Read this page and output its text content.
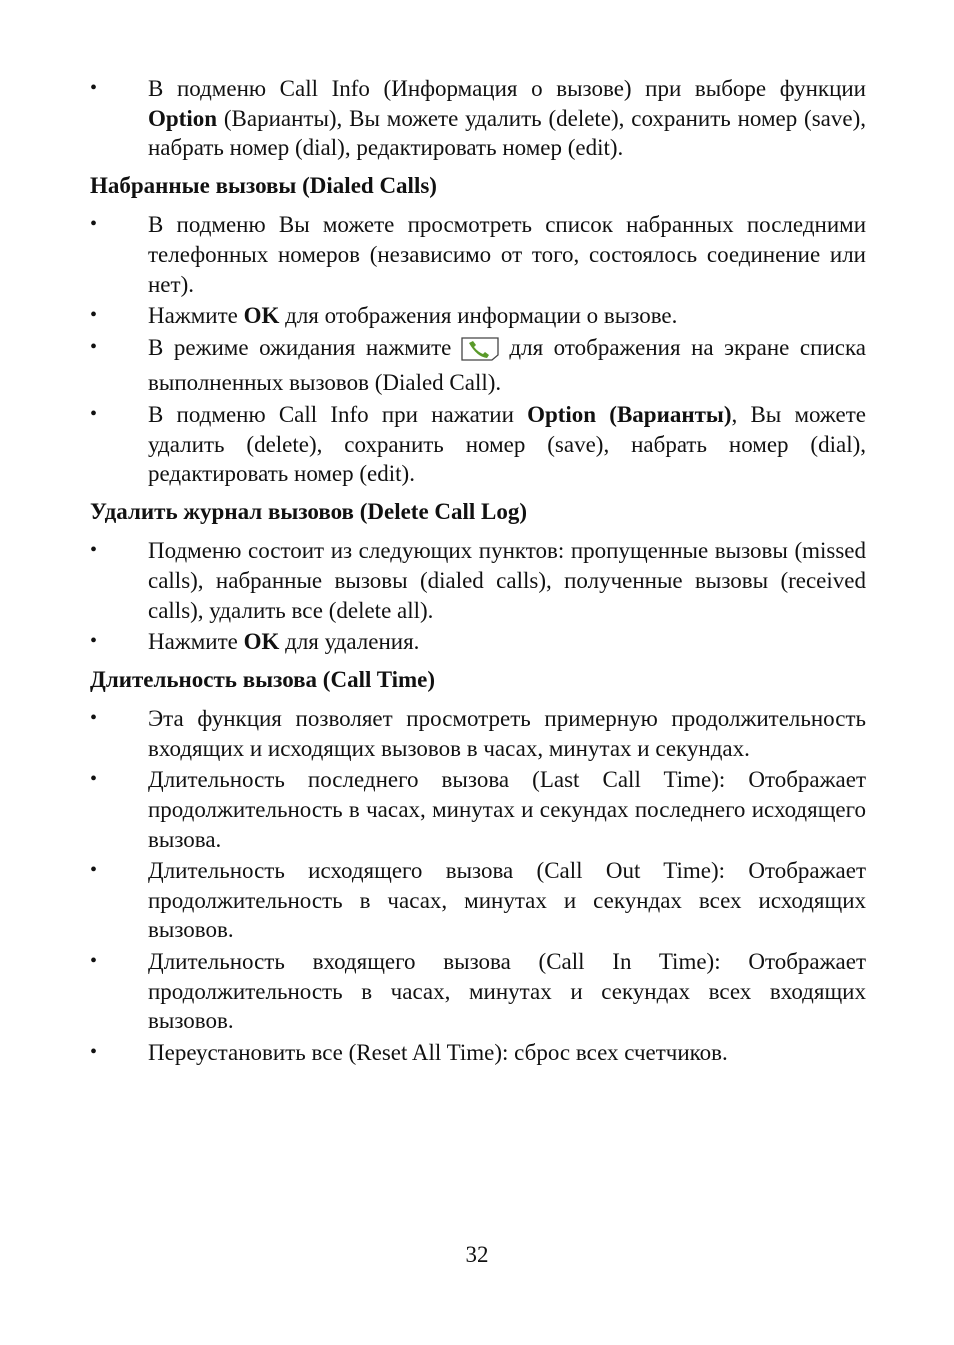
•	В подменю Call Info (Информация о вызове) при выборе функции Option (Варианты), Вы можете удалить (delete), сохранить номер (save), набрать номер (dial), редактировать номер (edit).
Набранные вызовы (Dialed Calls)
•	В подменю Вы можете просмотреть список набранных последними телефонных номеров (независимо от того, состоялось соединение или нет).
•	Нажмите OK для отображения информации о вызове.
•	В режиме ожидания нажмите	для отображения на экране списка выполненных вызовов (Dialed Call).
•	В подменю Call Info при нажатии Option (Варианты), Вы можете удалить (delete), сохранить номер (save), набрать номер (dial), редактировать номер (edit).
Удалить журнал вызовов (Delete Call Log)
•	Подменю состоит из следующих пунктов: пропущенные вызовы (missed calls), набранные вызовы (dialed calls), полученные вызовы (received calls), удалить все (delete all).
•	Нажмите OK для удаления.
Длительность вызова (Call Time)
•	Эта функция позволяет просмотреть примерную продолжительность входящих и исходящих вызовов в часах, минутах и секундах.
•	Длительность последнего вызова (Last Call Time): Отображает продолжительность в часах, минутах и секундах последнего исходящего вызова.
•	Длительность исходящего вызова (Call Out Time): Отображает продолжительность в часах, минутах и секундах всех исходящих вызовов.
•	Длительность входящего вызова (Call In Time): Отображает продолжительность в часах, минутах и секундах всех входящих вызовов.
•	Переустановить все (Reset All Time): сброс всех счетчиков.
32
